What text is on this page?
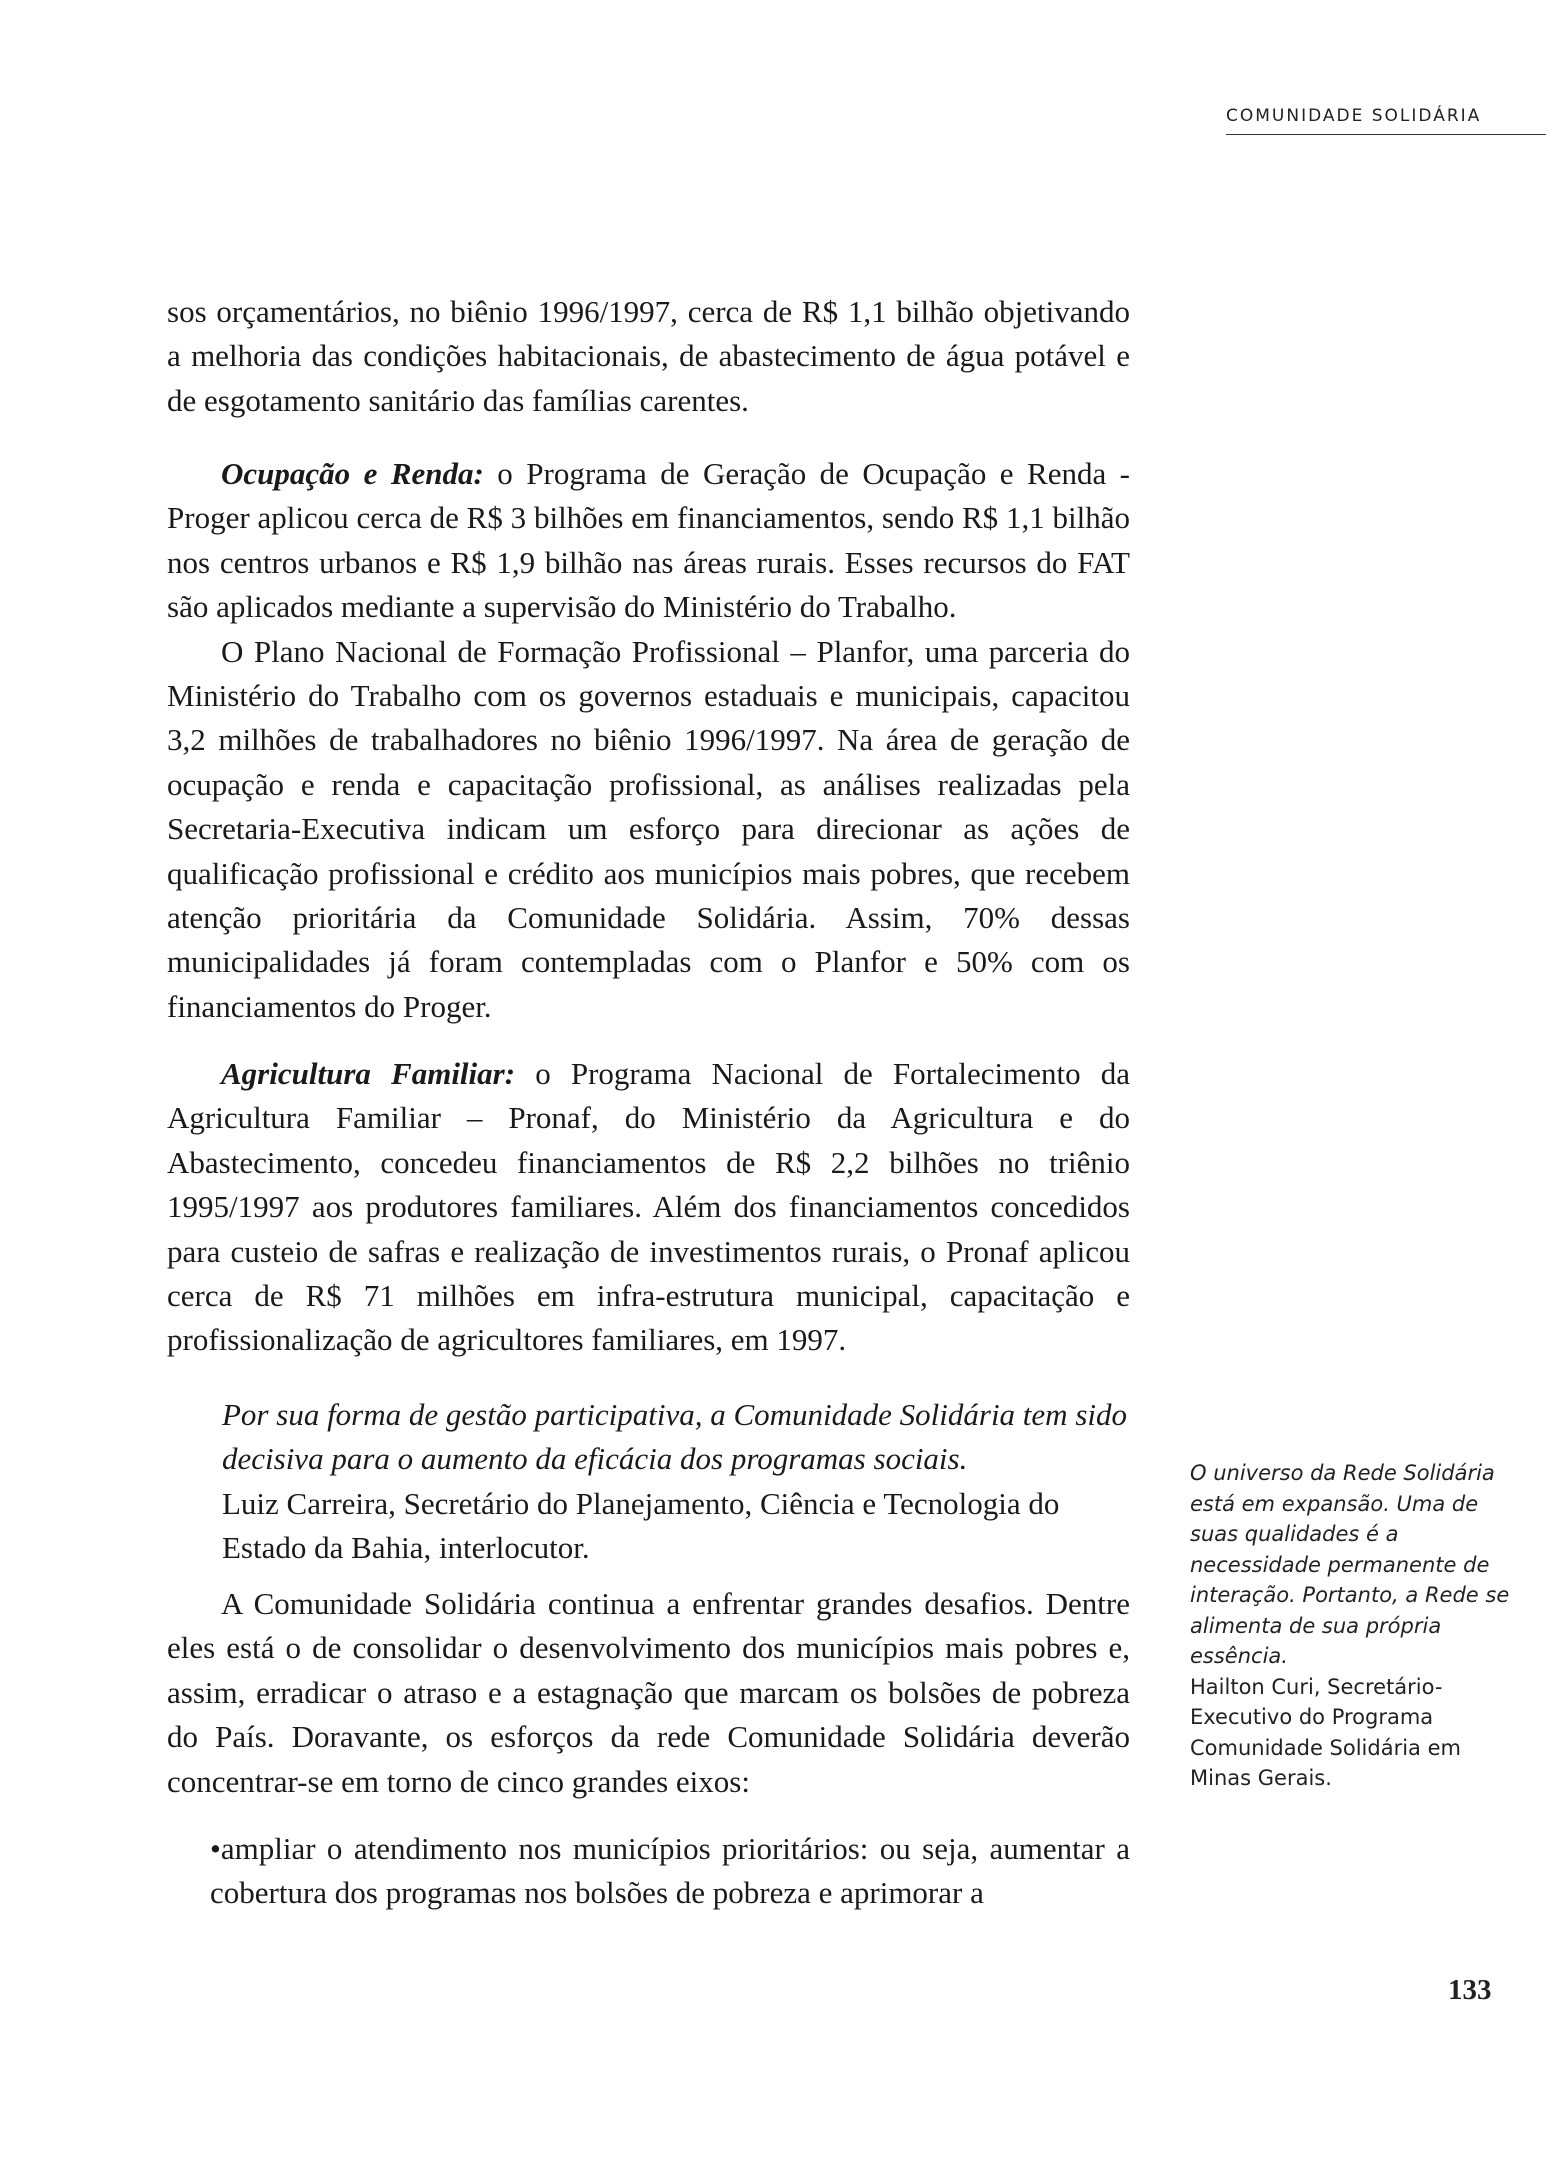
COMUNIDADE SOLIDÁRIA

sos orçamentários, no biênio 1996/1997, cerca de R$ 1,1 bilhão objetivando a melhoria das condições habitacionais, de abastecimento de água potável e de esgotamento sanitário das famílias carentes.

Ocupação e Renda: o Programa de Geração de Ocupação e Renda - Proger aplicou cerca de R$ 3 bilhões em financiamentos, sendo R$ 1,1 bilhão nos centros urbanos e R$ 1,9 bilhão nas áreas rurais. Esses recursos do FAT são aplicados mediante a supervisão do Ministério do Trabalho.

O Plano Nacional de Formação Profissional – Planfor, uma parceria do Ministério do Trabalho com os governos estaduais e municipais, capacitou 3,2 milhões de trabalhadores no biênio 1996/1997. Na área de geração de ocupação e renda e capacitação profissional, as análises realizadas pela Secretaria-Executiva indicam um esforço para direcionar as ações de qualificação profissional e crédito aos municípios mais pobres, que recebem atenção prioritária da Comunidade Solidária. Assim, 70% dessas municipalidades já foram contempladas com o Planfor e 50% com os financiamentos do Proger.

Agricultura Familiar: o Programa Nacional de Fortalecimento da Agricultura Familiar – Pronaf, do Ministério da Agricultura e do Abastecimento, concedeu financiamentos de R$ 2,2 bilhões no triênio 1995/1997 aos produtores familiares. Além dos financiamentos concedidos para custeio de safras e realização de investimentos rurais, o Pronaf aplicou cerca de R$ 71 milhões em infra-estrutura municipal, capacitação e profissionalização de agricultores familiares, em 1997.

Por sua forma de gestão participativa, a Comunidade Solidária tem sido decisiva para o aumento da eficácia dos programas sociais.

Luiz Carreira, Secretário do Planejamento, Ciência e Tecnologia do Estado da Bahia, interlocutor.

A Comunidade Solidária continua a enfrentar grandes desafios. Dentre eles está o de consolidar o desenvolvimento dos municípios mais pobres e, assim, erradicar o atraso e a estagnação que marcam os bolsões de pobreza do País. Doravante, os esforços da rede Comunidade Solidária deverão concentrar-se em torno de cinco grandes eixos:

•ampliar o atendimento nos municípios prioritários: ou seja, aumentar a cobertura dos programas nos bolsões de pobreza e aprimorar a

O universo da Rede Solidária está em expansão. Uma de suas qualidades é a necessidade permanente de interação. Portanto, a Rede se alimenta de sua própria essência.

Hailton Curi, Secretário-Executivo do Programa Comunidade Solidária em Minas Gerais.

133
